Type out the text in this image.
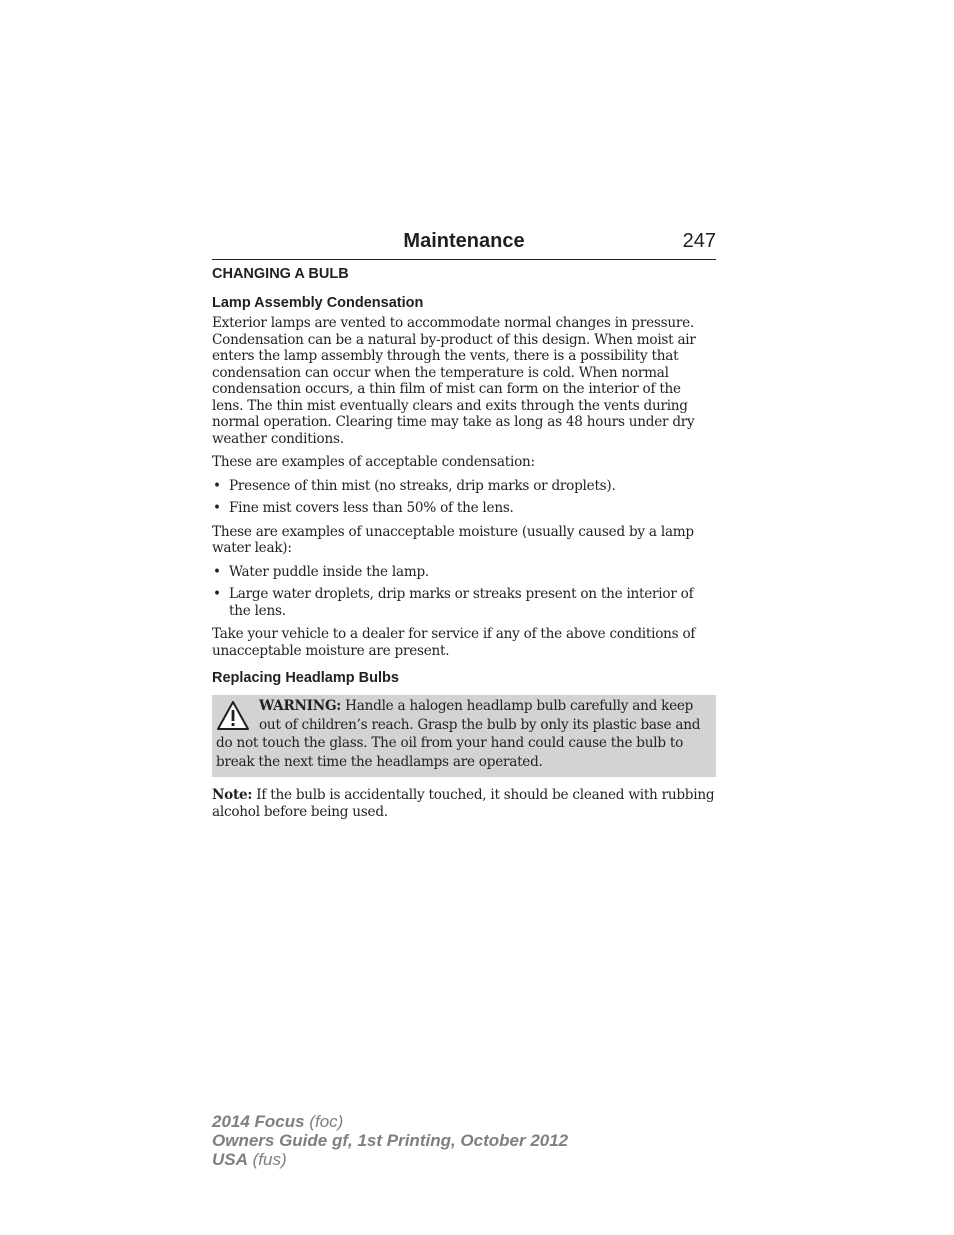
Maintenance	247
CHANGING A BULB
Lamp Assembly Condensation

Exterior lamps are vented to accommodate normal changes in pressure. Condensation can be a natural by-product of this design. When moist air enters the lamp assembly through the vents, there is a possibility that condensation can occur when the temperature is cold. When normal condensation occurs, a thin film of mist can form on the interior of the lens. The thin mist eventually clears and exits through the vents during normal operation. Clearing time may take as long as 48 hours under dry weather conditions.

These are examples of acceptable condensation:

• Presence of thin mist (no streaks, drip marks or droplets).
• Fine mist covers less than 50% of the lens.

These are examples of unacceptable moisture (usually caused by a lamp water leak):

• Water puddle inside the lamp.
• Large water droplets, drip marks or streaks present on the interior of the lens.

Take your vehicle to a dealer for service if any of the above conditions of unacceptable moisture are present.

Replacing Headlamp Bulbs
WARNING: Handle a halogen headlamp bulb carefully and keep out of children’s reach. Grasp the bulb by only its plastic base and do not touch the glass. The oil from your hand could cause the bulb to break the next time the headlamps are operated.

Note: If the bulb is accidentally touched, it should be cleaned with rubbing alcohol before being used.

2014 Focus (foc)
Owners Guide gf, 1st Printing, October 2012
USA (fus)
